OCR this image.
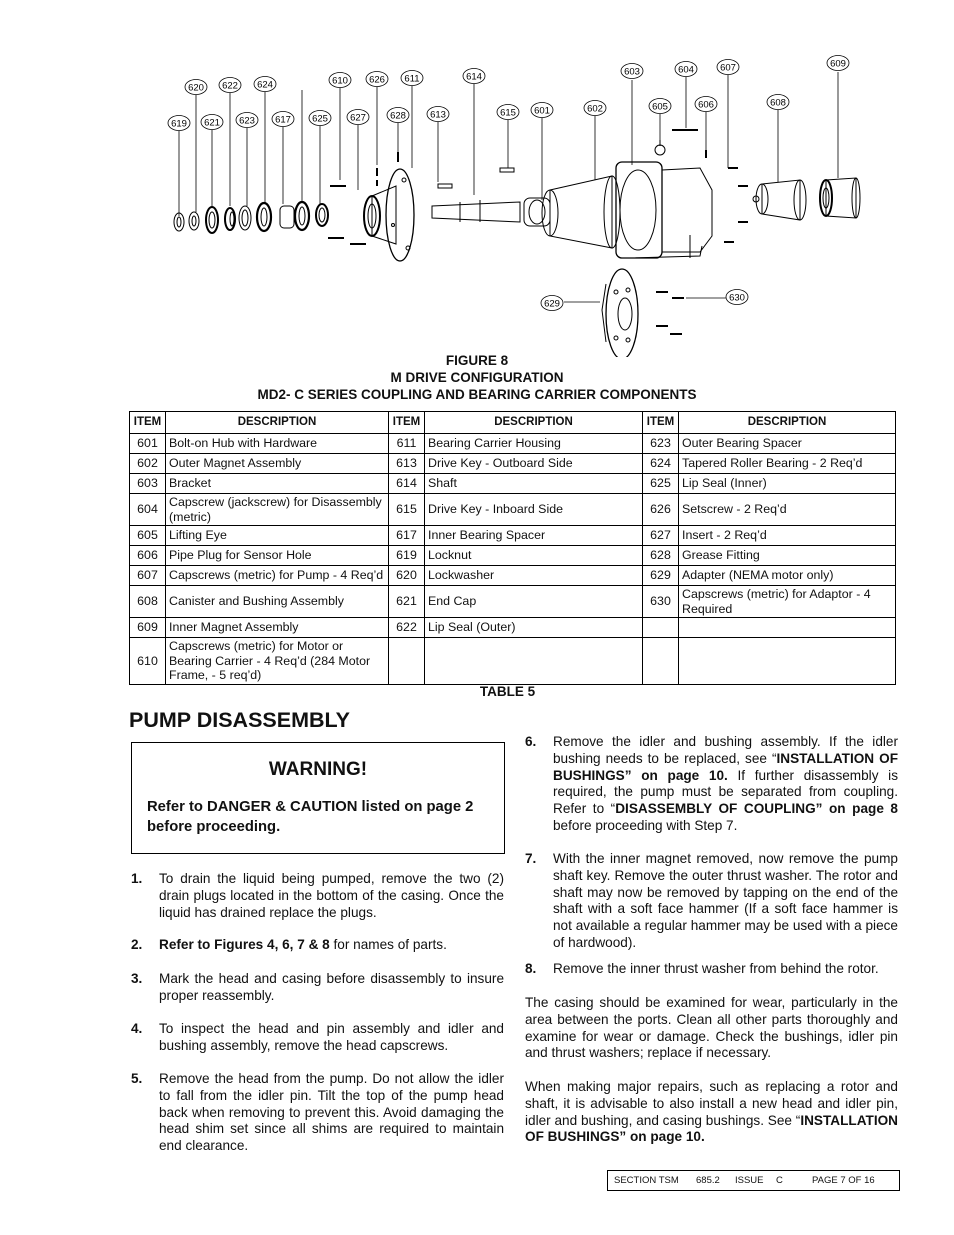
601	602
603	604
605	606
607
608
609
610	611
613
614
615
617
619
620
621
622
623
624
625
626
627	628
629
630
FIGURE 8
M DRIVE CONFIGURATION
MD2- C SERIES COUPLING AND BEARING CARRIER COMPONENTS
ITEM	DESCRIPTION	ITEM	DESCRIPTION	ITEM	DESCRIPTION
601	Bolt-on Hub with Hardware	611	Bearing Carrier Housing	623	Outer Bearing Spacer
602	Outer Magnet Assembly	613	Drive Key - Outboard Side	624	Tapered Roller Bearing - 2 Req’d
603	Bracket	614	Shaft	625	Lip Seal (Inner)
604	Capscrew (jackscrew) for Disassembly (metric)	615	Drive Key - Inboard Side	626	Setscrew - 2 Req’d
605	Lifting Eye	617	Inner Bearing Spacer	627	Insert - 2 Req’d
606	Pipe Plug for Sensor Hole	619	Locknut	628	Grease Fitting
607	Capscrews (metric) for Pump - 4 Req’d	620	Lockwasher	629	Adapter (NEMA motor only)
608	Canister and Bushing Assembly	621	End Cap	630	Capscrews (metric) for Adaptor - 4 Required
609	Inner Magnet Assembly	622	Lip Seal (Outer)		
610	Capscrews (metric) for Motor or Bearing Carrier - 4 Req’d (284 Motor Frame, - 5 req’d)				
TABLE 5
PUMP DISASSEMBLY
WARNING!
Refer to DANGER & CAUTION listed on page 2 before proceeding.
1. To drain the liquid being pumped, remove the two (2) drain plugs located in the bottom of the casing. Once the liquid has drained replace the plugs.
2. Refer to Figures 4, 6, 7 & 8 for names of parts.
3. Mark the head and casing before disassembly to insure proper reassembly.
4. To inspect the head and pin assembly and idler and bushing assembly, remove the head capscrews.
5. Remove the head from the pump. Do not allow the idler to fall from the idler pin. Tilt the top of the pump head back when removing to prevent this. Avoid damaging the head shim set since all shims are required to maintain end clearance.
6. Remove the idler and bushing assembly. If the idler bushing needs to be replaced, see “INSTALLATION OF BUSHINGS” on page 10. If further disassembly is required, the pump must be separated from coupling. Refer to “DISASSEMBLY OF COUPLING” on page 8 before proceeding with Step 7.
7. With the inner magnet removed, now remove the pump shaft key. Remove the outer thrust washer. The rotor and shaft may now be removed by tapping on the end of the shaft with a soft face hammer (If a soft face hammer is not available a regular hammer may be used with a piece of hardwood).
8. Remove the inner thrust washer from behind the rotor.
The casing should be examined for wear, particularly in the area between the ports. Clean all other parts thoroughly and examine for wear or damage. Check the bushings, idler pin and thrust washers; replace if necessary.
When making major repairs, such as replacing a rotor and shaft, it is advisable to also install a new head and idler pin, idler and bushing, and casing bushings. See “INSTALLATION OF BUSHINGS” on page 10.
SECTION TSM 685.2 ISSUE C	PAGE 7 OF 16
